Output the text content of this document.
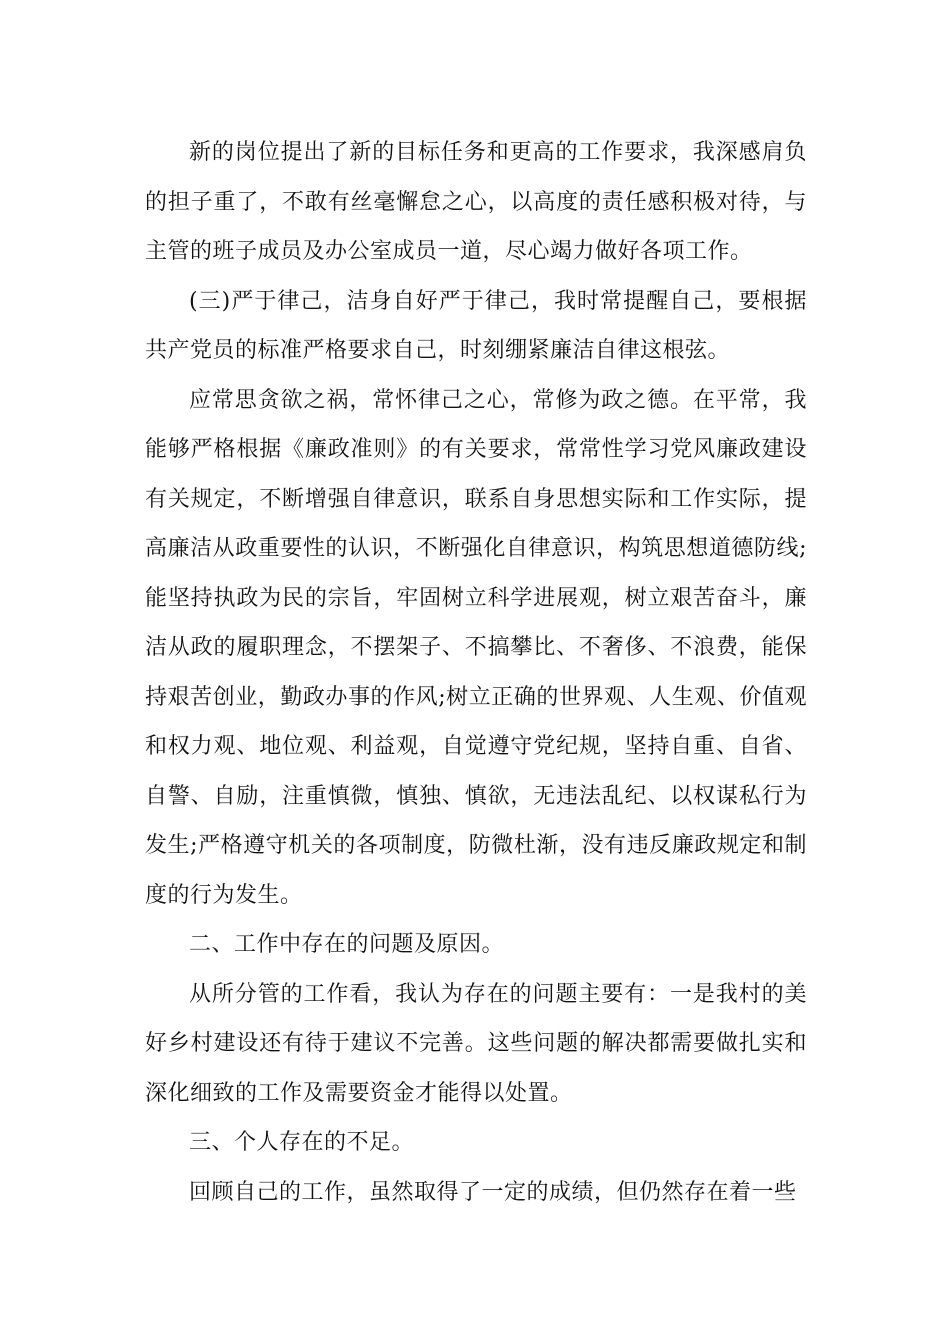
新的岗位提出了新的目标任务和更高的工作要求，我深感肩负的担子重了，不敢有丝毫懈怠之心，以高度的责任感积极对待，与主管的班子成员及办公室成员一道，尽心竭力做好各项工作。

(三)严于律己，洁身自好严于律己，我时常提醒自己，要根据共产党员的标准严格要求自己，时刻绷紧廉洁自律这根弦。

应常思贪欲之祸，常怀律己之心，常修为政之德。在平常，我能够严格根据《廉政准则》的有关要求，常常性学习党风廉政建设有关规定，不断增强自律意识，联系自身思想实际和工作实际，提高廉洁从政重要性的认识，不断强化自律意识，构筑思想道德防线;能坚持执政为民的宗旨，牢固树立科学进展观，树立艰苦奋斗，廉洁从政的履职理念，不摆架子、不搞攀比、不奢侈、不浪费，能保持艰苦创业，勤政办事的作风;树立正确的世界观、人生观、价值观和权力观、地位观、利益观，自觉遵守党纪规，坚持自重、自省、自警、自励，注重慎微，慎独、慎欲，无违法乱纪、以权谋私行为发生;严格遵守机关的各项制度，防微杜渐，没有违反廉政规定和制度的行为发生。

二、工作中存在的问题及原因。

从所分管的工作看，我认为存在的问题主要有：一是我村的美好乡村建设还有待于建议不完善。这些问题的解决都需要做扎实和深化细致的工作及需要资金才能得以处置。

三、个人存在的不足。

回顾自己的工作，虽然取得了一定的成绩，但仍然存在着一些
